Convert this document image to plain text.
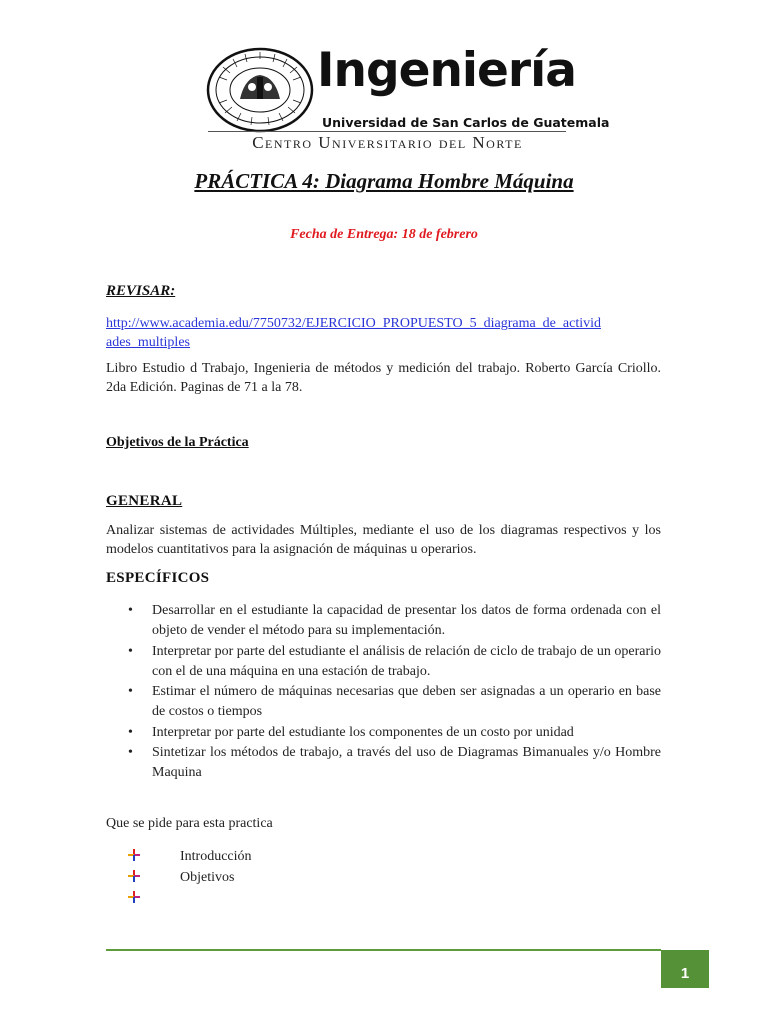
Ingeniería
Universidad de San Carlos de Guatemala
Centro Universitario del Norte
PRÁCTICA 4: Diagrama Hombre Máquina
Fecha de Entrega: 18 de febrero
REVISAR:
http://www.academia.edu/7750732/EJERCICIO_PROPUESTO_5_diagrama_de_actividades_multiples
Libro Estudio d Trabajo, Ingenieria de métodos y medición del trabajo. Roberto García Criollo. 2da Edición. Paginas de 71 a la 78.
Objetivos de la Práctica
GENERAL
Analizar sistemas de actividades Múltiples, mediante el uso de los diagramas respectivos y los modelos cuantitativos para la asignación de máquinas u operarios.
ESPECÍFICOS
• Desarrollar en el estudiante la capacidad de presentar los datos de forma ordenada con el objeto de vender el método para su implementación.
• Interpretar por parte del estudiante el análisis de relación de ciclo de trabajo de un operario con el de una máquina en una estación de trabajo.
• Estimar el número de máquinas necesarias que deben ser asignadas a un operario en base de costos o tiempos
• Interpretar por parte del estudiante los componentes de un costo por unidad
• Sintetizar los métodos de trabajo, a través del uso de Diagramas Bimanuales y/o Hombre Maquina
Que se pide para esta practica
Introducción
Objetivos
1
